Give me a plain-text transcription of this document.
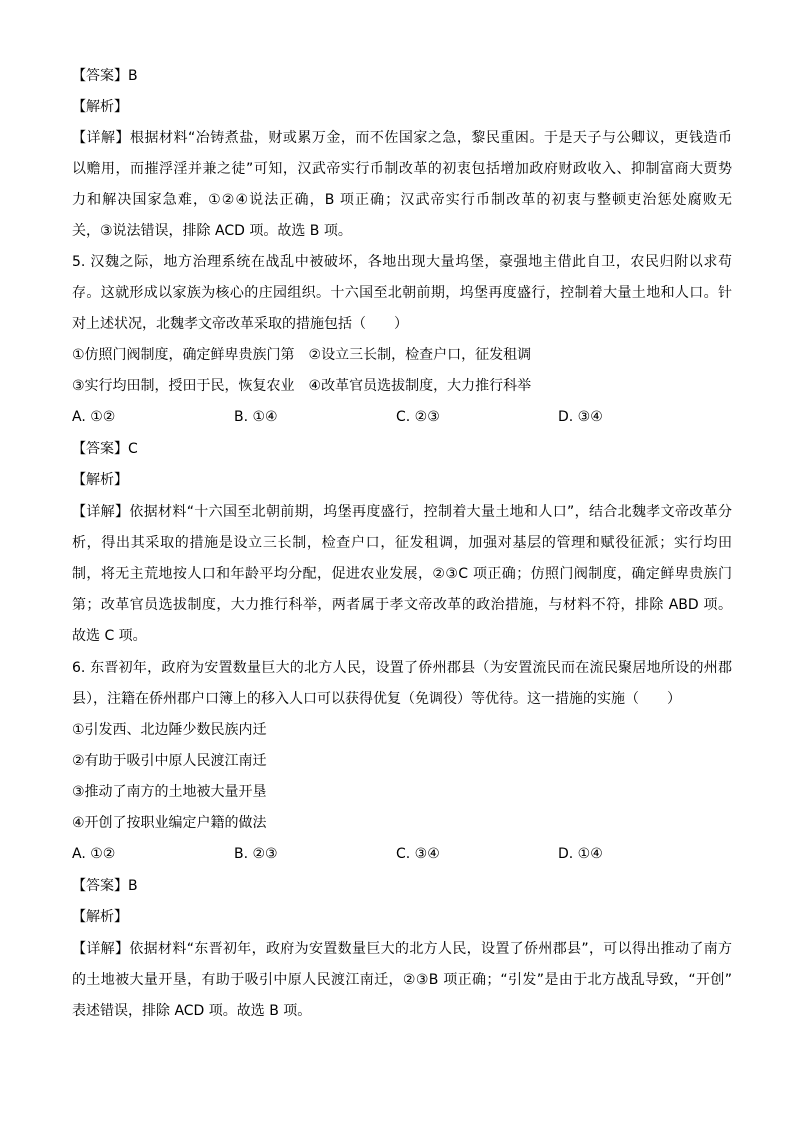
【答案】B
【解析】
【详解】根据材料“冶铸煮盐，财或累万金，而不佐国家之急，黎民重困。于是天子与公卿议，更钱造币
以赡用，而摧浮淫并兼之徒”可知，汉武帝实行币制改革的初衷包括增加政府财政收入、抑制富商大贾势
力和解决国家急难，①②④说法正确，B 项正确；汉武帝实行币制改革的初衷与整顿吏治惩处腐败无
关，③说法错误，排除 ACD 项。故选 B 项。
5. 汉魏之际，地方治理系统在战乱中被破坏，各地出现大量坞堡，豪强地主借此自卫，农民归附以求苟
存。这就形成以家族为核心的庄园组织。十六国至北朝前期，坞堡再度盛行，控制着大量土地和人口。针
对上述状况，北魏孝文帝改革采取的措施包括（　　）
①仿照门阀制度，确定鲜卑贵族门第　②设立三长制，检查户口，征发租调
③实行均田制，授田于民，恢复农业　④改革官员选拔制度，大力推行科举
A. ①②	B. ①④	C. ②③	D. ③④
【答案】C
【解析】
【详解】依据材料“十六国至北朝前期，坞堡再度盛行，控制着大量土地和人口”，结合北魏孝文帝改革分
析，得出其采取的措施是设立三长制，检查户口，征发租调，加强对基层的管理和赋役征派；实行均田
制，将无主荒地按人口和年龄平均分配，促进农业发展，②③C 项正确；仿照门阀制度，确定鲜卑贵族门
第；改革官员选拔制度，大力推行科举，两者属于孝文帝改革的政治措施，与材料不符，排除 ABD 项。
故选 C 项。
6. 东晋初年，政府为安置数量巨大的北方人民，设置了侨州郡县（为安置流民而在流民聚居地所设的州郡
县），注籍在侨州郡户口簿上的移入人口可以获得优复（免调役）等优待。这一措施的实施（　　）
①引发西、北边陲少数民族内迁
②有助于吸引中原人民渡江南迁
③推动了南方的土地被大量开垦
④开创了按职业编定户籍的做法
A. ①②	B. ②③	C. ③④	D. ①④
【答案】B
【解析】
【详解】依据材料“东晋初年，政府为安置数量巨大的北方人民，设置了侨州郡县”，可以得出推动了南方
的土地被大量开垦，有助于吸引中原人民渡江南迁，②③B 项正确；“引发”是由于北方战乱导致，“开创”
表述错误，排除 ACD 项。故选 B 项。
